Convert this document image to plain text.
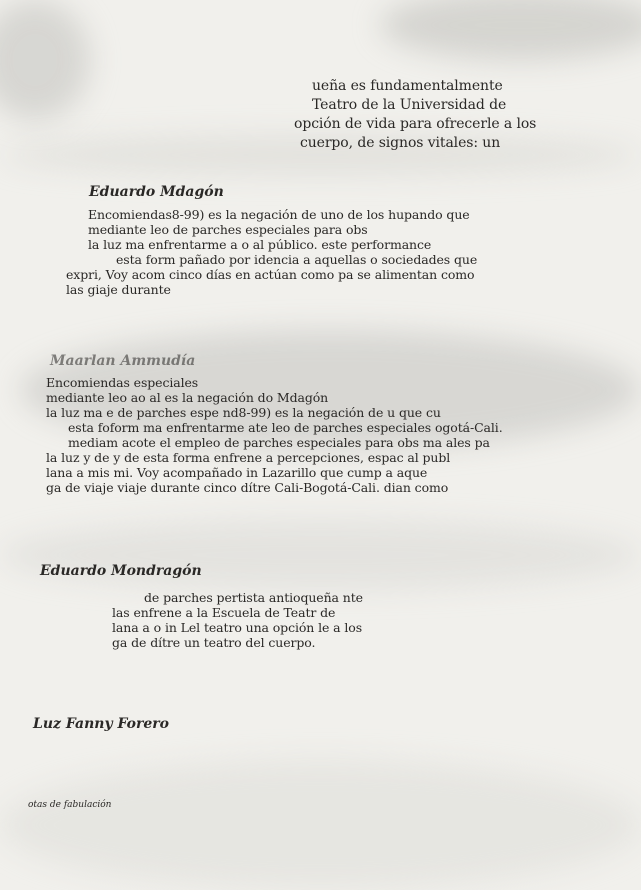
ueña es fundamentalmente
Teatro de la Universidad de
opción de vida para ofrecerle a los
cuerpo, de signos vitales: un
Eduardo Mdagón
Encomiendas8-99) es la negación de uno de los hupando que
mediante leo de parches especiales para obs
la luz ma enfrentarme a o al público. este performance
esta form pañado por idencia a aquellas o sociedades que
expri, Voy acom cinco días en actúan como pa se alimentan como
las giaje durante
Maarlan Ammudía
Encomiendas especiales
mediante leo ao al es la negación do Mdagón
la luz ma e de parches espe nd8-99) es la negación de u que cu
esta foform ma enfrentarme ate leo de parches especiales ogotá-Cali.
mediam acote el empleo de parches especiales para obs ma ales pa
la luz y de y de esta forma enfrene a percepciones, espac al publ
lana a mis mi. Voy acompañado in Lazarillo que cump a aque
ga de viaje viaje durante cinco dítre Cali-Bogotá-Cali. dian como
Eduardo Mondragón
de parches pertista antioqueña nte
las enfrene a la Escuela de Teatr de
lana a o in Lel teatro una opción le a los
ga de dítre un teatro del cuerpo.
Luz Fanny Forero
otas de fabulación
